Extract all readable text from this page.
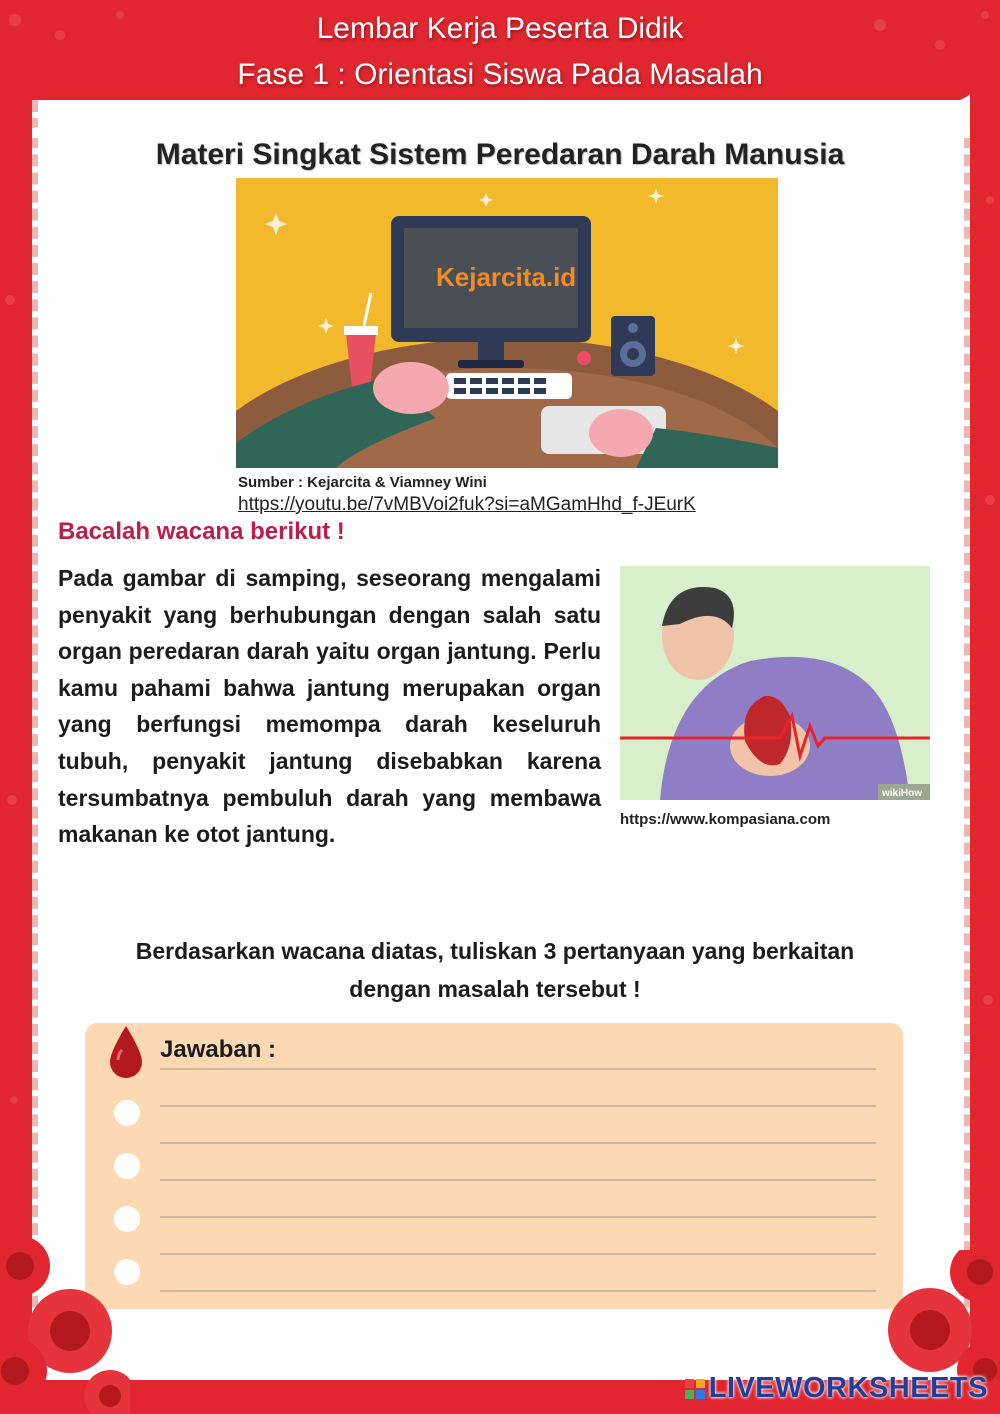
Lembar Kerja Peserta Didik
Fase 1 : Orientasi Siswa Pada Masalah
Materi Singkat Sistem Peredaran Darah Manusia
Kejarcita.id
Sumber : Kejarcita & Viamney Wini
https://youtu.be/7vMBVoi2fuk?si=aMGamHhd_f-JEurK
Bacalah wacana berikut !
Pada gambar di samping, seseorang mengalami penyakit yang berhubungan dengan salah satu organ peredaran darah yaitu organ jantung. Perlu kamu pahami bahwa jantung merupakan organ yang berfungsi memompa darah keseluruh tubuh, penyakit jantung disebabkan karena tersumbatnya pembuluh darah yang membawa makanan ke otot jantung.
wikiHow
https://www.kompasiana.com
Berdasarkan wacana diatas, tuliskan 3 pertanyaan yang berkaitan dengan masalah tersebut !
Jawaban :
LIVEWORKSHEETS
